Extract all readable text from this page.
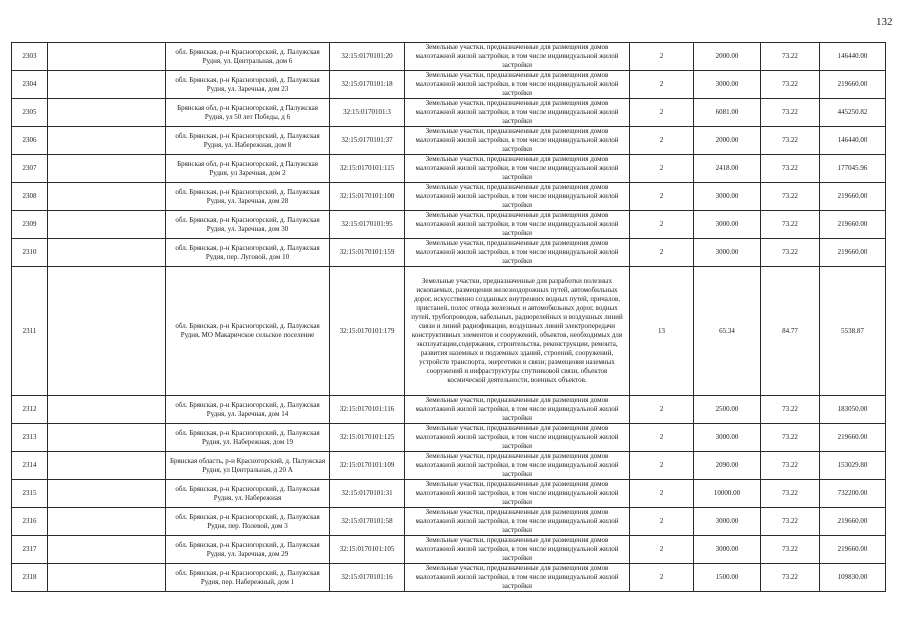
132
2303		обл. Брянская, р-н Красногорский, д. Палужская Рудня, ул. Центральная, дом 6	32:15:0170101:20	Земельные участки, предназначенные для размещения домов малоэтажной жилой застройки, в том числе индивидуальной жилой застройки	2	2000.00	73.22	146440.00
2304		обл. Брянская, р-н Красногорский, д. Палужская Рудня, ул. Заречная, дом 23	32:15:0170101:18	Земельные участки, предназначенные для размещения домов малоэтажной жилой застройки, в том числе индивидуальной жилой застройки	2	3000.00	73.22	219660.00
2305		Брянская обл, р-н Красногорский, д Палужская Рудня, ул 50 лет Победы, д 6	32:15:0170101:3	Земельные участки, предназначенные для размещения домов малоэтажной жилой застройки, в том числе индивидуальной жилой застройки	2	6081.00	73.22	445250.82
2306		обл. Брянская, р-н Красногорский, д. Палужская Рудня, ул. Набережная, дом 8	32:15:0170101:37	Земельные участки, предназначенные для размещения домов малоэтажной жилой застройки, в том числе индивидуальной жилой застройки	2	2000.00	73.22	146440.00
2307		Брянская обл, р-н Красногорский, д Палужская Рудня, ул Заречная, дом 2	32:15:0170101:115	Земельные участки, предназначенные для размещения домов малоэтажной жилой застройки, в том числе индивидуальной жилой застройки	2	2418.00	73.22	177045.96
2308		обл. Брянская, р-н Красногорский, д. Палужская Рудня, ул. Заречная, дом 28	32:15:0170101:100	Земельные участки, предназначенные для размещения домов малоэтажной жилой застройки, в том числе индивидуальной жилой застройки	2	3000.00	73.22	219660.00
2309		обл. Брянская, р-н Красногорский, д. Палужская Рудня, ул. Заречная, дом 30	32:15:0170101:95	Земельные участки, предназначенные для размещения домов малоэтажной жилой застройки, в том числе индивидуальной жилой застройки	2	3000.00	73.22	219660.00
2310		обл. Брянская, р-н Красногорский, д. Палужская Рудня, пер. Луговой, дом 10	32:15:0170101:159	Земельные участки, предназначенные для размещения домов малоэтажной жилой застройки, в том числе индивидуальной жилой застройки	2	3000.00	73.22	219660.00
2311		обл. Брянская, р-н Красногорский, д. Палужская Рудня, МО Макаричское сельское поселение	32:15:0170101:179	Земельные участки, предназначенные для разработки полезных ископаемых, размещения железнодорожных путей, автомобильных дорог, искусственно созданных внутренних водных путей, причалов, пристаней, полос отвода железных и автомобильных дорог, водных путей, трубопроводов, кабельных, радиорелейных и воздушных линий связи и линий радиофикации, воздушных линий электропередачи конструктивных элементов и сооружений, объектов, необходимых для эксплуатации,содержания, строительства, реконструкции, ремонта, развития наземных и подземных зданий, строений, сооружений, устройств транспорта, энергетики и связи; размещения наземных сооружений и инфраструктуры спутниковой связи, объектов космической деятельности, военных объектов.	13	65.34	84.77	5538.87
2312		обл. Брянская, р-н Красногорский, д. Палужская Рудня, ул. Заречная, дом 14	32:15:0170101:116	Земельные участки, предназначенные для размещения домов малоэтажной жилой застройки, в том числе индивидуальной жилой застройки	2	2500.00	73.22	183050.00
2313		обл. Брянская, р-н Красногорский, д. Палужская Рудня, ул. Набережная, дом 19	32:15:0170101:125	Земельные участки, предназначенные для размещения домов малоэтажной жилой застройки, в том числе индивидуальной жилой застройки	2	3000.00	73.22	219660.00
2314		Брянская область, р-н Красногорский, д. Палужская Рудня, ул Центральная, д 20 А	32:15:0170101:109	Земельные участки, предназначенные для размещения домов малоэтажной жилой застройки, в том числе индивидуальной жилой застройки	2	2090.00	73.22	153029.80
2315		обл. Брянская, р-н Красногорский, д. Палужская Рудня, ул. Набережная	32:15:0170101:31	Земельные участки, предназначенные для размещения домов малоэтажной жилой застройки, в том числе индивидуальной жилой застройки	2	10000.00	73.22	732200.00
2316		обл. Брянская, р-н Красногорский, д. Палужская Рудня, пер. Полевой, дом 3	32:15:0170101:58	Земельные участки, предназначенные для размещения домов малоэтажной жилой застройки, в том числе индивидуальной жилой застройки	2	3000.00	73.22	219660.00
2317		обл. Брянская, р-н Красногорский, д. Палужская Рудня, ул. Заречная, дом 29	32:15:0170101:105	Земельные участки, предназначенные для размещения домов малоэтажной жилой застройки, в том числе индивидуальной жилой застройки	2	3000.00	73.22	219660.00
2318		обл. Брянская, р-н Красногорский, д. Палужская Рудня, пер. Набережный, дом 1	32:15:0170101:16	Земельные участки, предназначенные для размещения домов малоэтажной жилой застройки, в том числе индивидуальной жилой застройки	2	1500.00	73.22	109830.00
